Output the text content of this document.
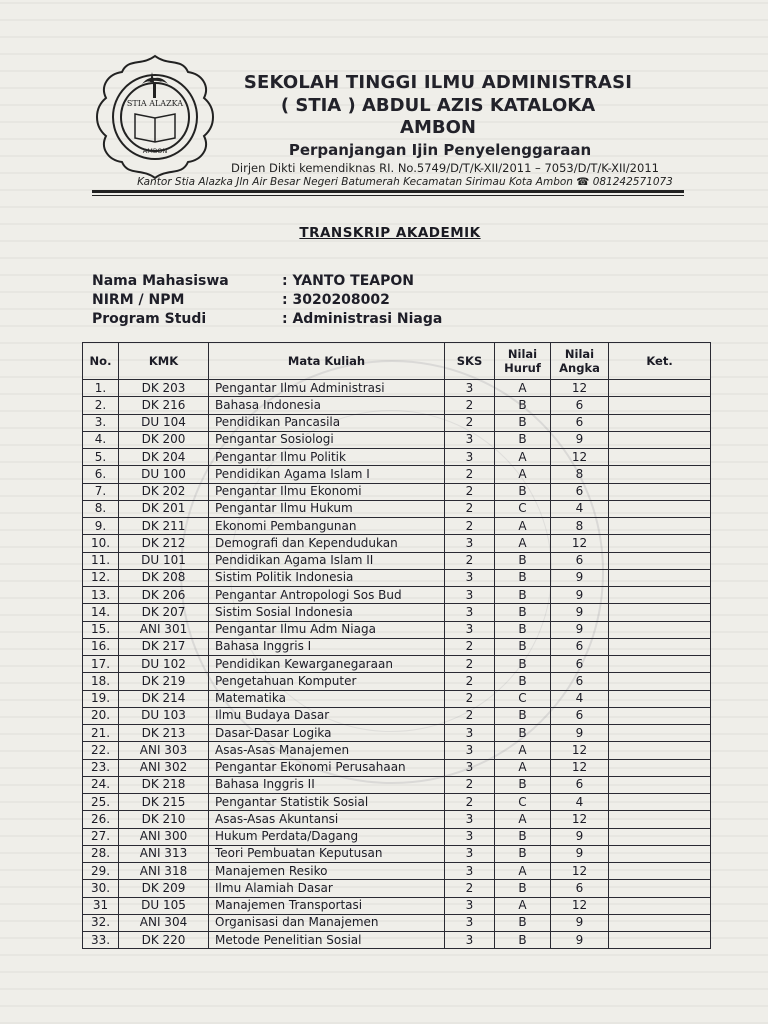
STIA ALAZKA
AMBON
SEKOLAH TINGGI ILMU ADMINISTRASI
( STIA ) ABDUL AZIS KATALOKA
AMBON
Perpanjangan Ijin Penyelenggaraan
Dirjen Dikti kemendiknas RI. No.5749/D/T/K-XII/2011 – 7053/D/T/K-XII/2011
Kantor Stia Alazka Jln Air Besar Negeri Batumerah Kecamatan Sirimau Kota Ambon ☎ 081242571073
TRANSKRIP AKADEMIK
Nama Mahasiswa	: YANTO TEAPON
NIRM / NPM	: 3020208002
Program Studi	: Administrasi Niaga
No.	KMK	Mata Kuliah	SKS	Nilai Huruf	Nilai Angka	Ket.
1.	DK 203	Pengantar Ilmu Administrasi	3	A	12	
2.	DK 216	Bahasa Indonesia	2	B	6	
3.	DU 104	Pendidikan Pancasila	2	B	6	
4.	DK 200	Pengantar Sosiologi	3	B	9	
5.	DK 204	Pengantar Ilmu Politik	3	A	12	
6.	DU 100	Pendidikan Agama Islam I	2	A	8	
7.	DK 202	Pengantar Ilmu Ekonomi	2	B	6	
8.	DK 201	Pengantar Ilmu Hukum	2	C	4	
9.	DK 211	Ekonomi Pembangunan	2	A	8	
10.	DK 212	Demografi dan Kependudukan	3	A	12	
11.	DU 101	Pendidikan Agama Islam II	2	B	6	
12.	DK 208	Sistim Politik Indonesia	3	B	9	
13.	DK 206	Pengantar Antropologi Sos Bud	3	B	9	
14.	DK 207	Sistim Sosial Indonesia	3	B	9	
15.	ANI 301	Pengantar Ilmu Adm Niaga	3	B	9	
16.	DK 217	Bahasa Inggris I	2	B	6	
17.	DU 102	Pendidikan Kewarganegaraan	2	B	6	
18.	DK 219	Pengetahuan Komputer	2	B	6	
19.	DK 214	Matematika	2	C	4	
20.	DU 103	Ilmu Budaya Dasar	2	B	6	
21.	DK 213	Dasar-Dasar Logika	3	B	9	
22.	ANI 303	Asas-Asas Manajemen	3	A	12	
23.	ANI 302	Pengantar Ekonomi Perusahaan	3	A	12	
24.	DK 218	Bahasa Inggris II	2	B	6	
25.	DK 215	Pengantar Statistik Sosial	2	C	4	
26.	DK 210	Asas-Asas Akuntansi	3	A	12	
27.	ANI 300	Hukum Perdata/Dagang	3	B	9	
28.	ANI 313	Teori Pembuatan Keputusan	3	B	9	
29.	ANI 318	Manajemen Resiko	3	A	12	
30.	DK 209	Ilmu Alamiah Dasar	2	B	6	
31	DU 105	Manajemen Transportasi	3	A	12	
32.	ANI 304	Organisasi dan Manajemen	3	B	9	
33.	DK 220	Metode Penelitian Sosial	3	B	9	
